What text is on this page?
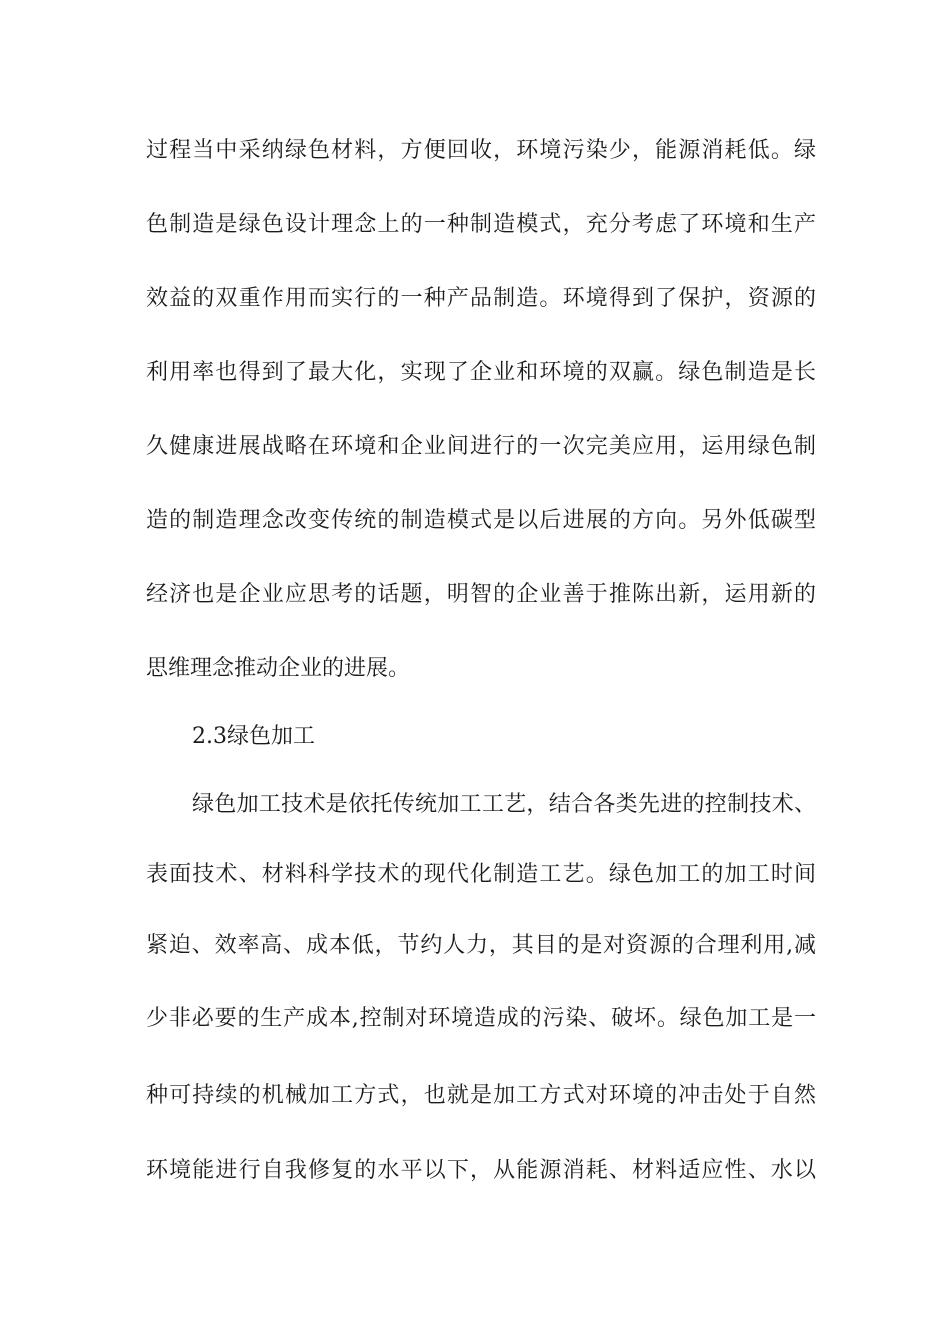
过程当中采纳绿色材料，方便回收，环境污染少，能源消耗低。绿
色制造是绿色设计理念上的一种制造模式，充分考虑了环境和生产
效益的双重作用而实行的一种产品制造。环境得到了保护，资源的
利用率也得到了最大化，实现了企业和环境的双赢。绿色制造是长
久健康进展战略在环境和企业间进行的一次完美应用，运用绿色制
造的制造理念改变传统的制造模式是以后进展的方向。另外低碳型
经济也是企业应思考的话题，明智的企业善于推陈出新，运用新的
思维理念推动企业的进展。
2.3绿色加工
绿色加工技术是依托传统加工工艺，结合各类先进的控制技术、
表面技术、材料科学技术的现代化制造工艺。绿色加工的加工时间
紧迫、效率高、成本低，节约人力，其目的是对资源的合理利用,减
少非必要的生产成本,控制对环境造成的污染、破坏。绿色加工是一
种可持续的机械加工方式，也就是加工方式对环境的冲击处于自然
环境能进行自我修复的水平以下，从能源消耗、材料适应性、水以
